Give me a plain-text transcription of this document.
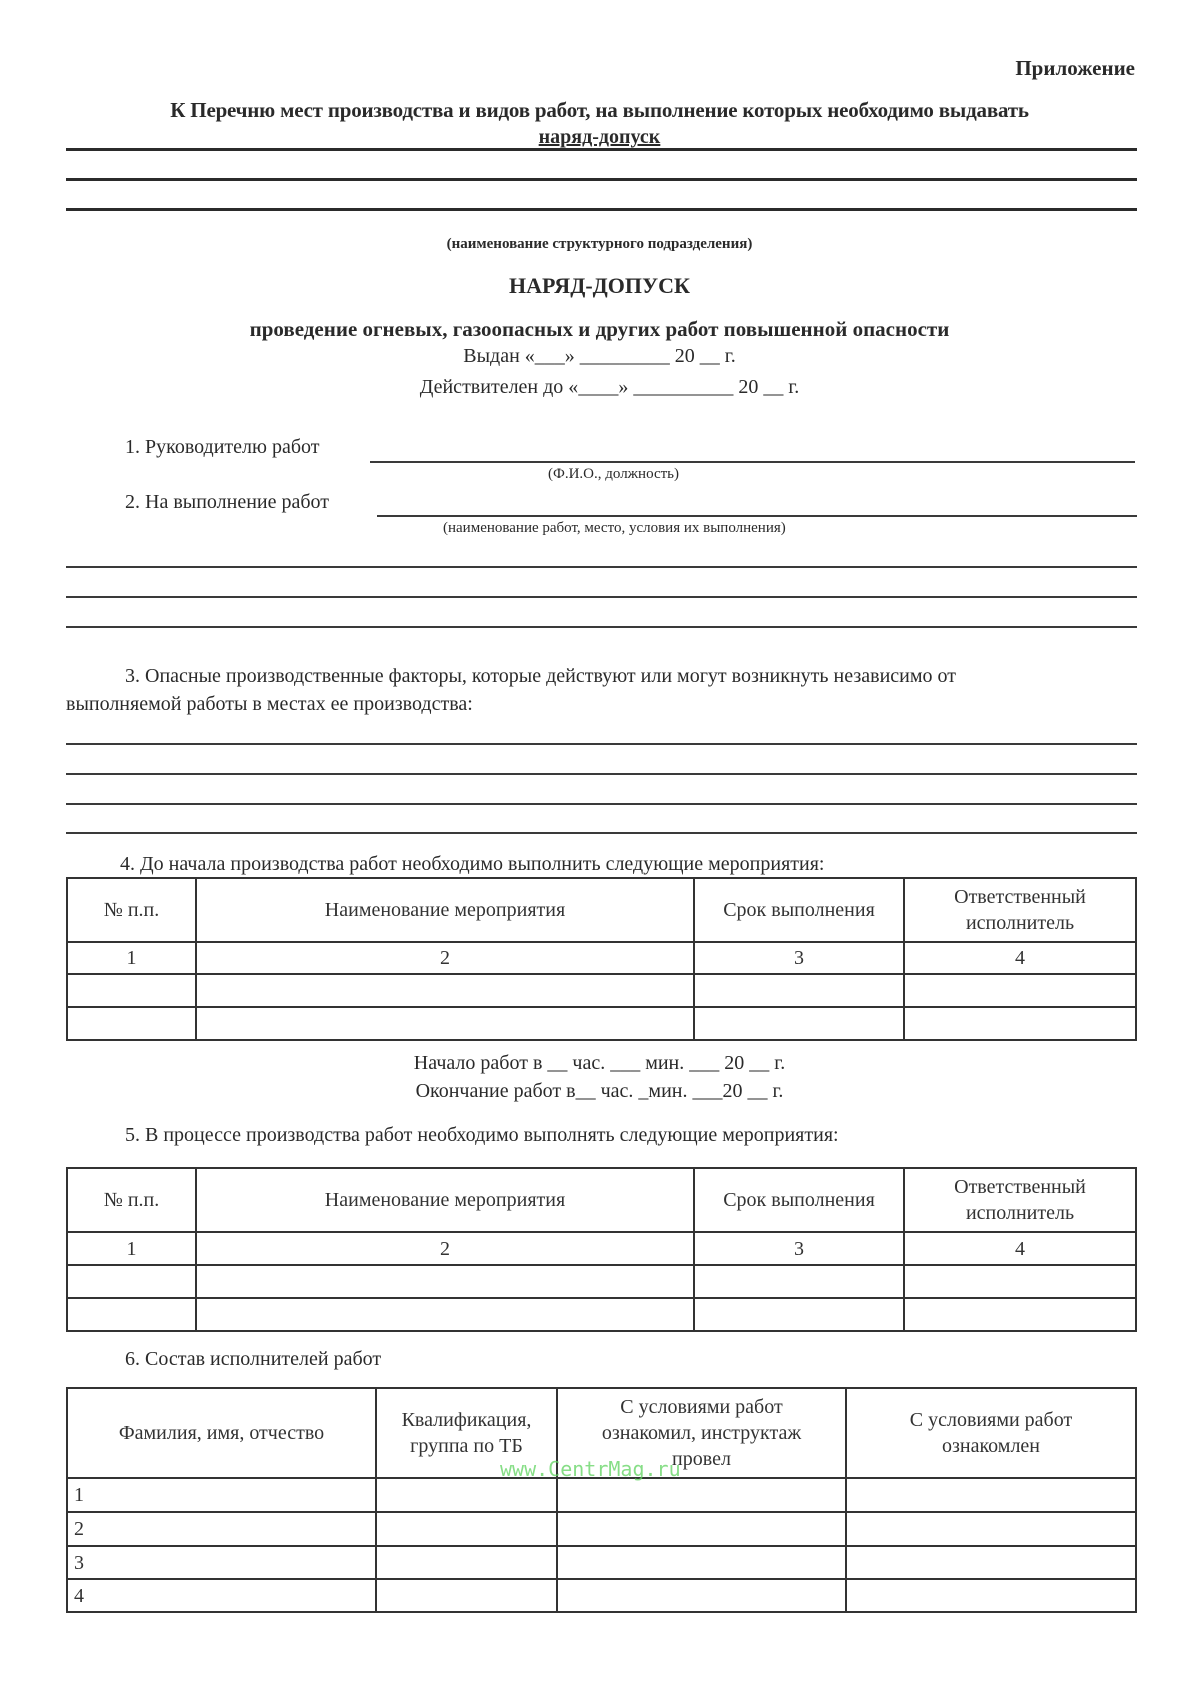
Приложение
К Перечню мест производства и видов работ, на выполнение которых необходимо выдавать
наряд-допуск
(наименование структурного подразделения)
НАРЯД-ДОПУСК
проведение огневых, газоопасных и других работ повышенной опасности
Выдан «___» _________ 20 __ г.
Действителен до «____» __________ 20 __ г.
1. Руководителю работ
(Ф.И.О., должность)
2. На выполнение работ
(наименование работ, место, условия их выполнения)
3. Опасные производственные факторы, которые действуют или могут возникнуть независимо от
выполняемой работы в местах ее производства:
4. До начала производства работ необходимо выполнить следующие мероприятия:
№ п.п.	Наименование мероприятия	Срок выполнения	Ответственный исполнитель
1	2	3	4

Начало работ в __ час. ___ мин. ___ 20 __ г.
Окончание работ в__ час. _мин. ___20 __ г.
5. В процессе производства работ необходимо выполнять следующие мероприятия:
№ п.п.	Наименование мероприятия	Срок выполнения	Ответственный исполнитель
1	2	3	4

6. Состав исполнителей работ
Фамилия, имя, отчество	Квалификация, группа по ТБ	С условиями работ ознакомил, инструктаж провел	С условиями работ ознакомлен
1			
2			
3			
4			
www.CentrMag.ru
